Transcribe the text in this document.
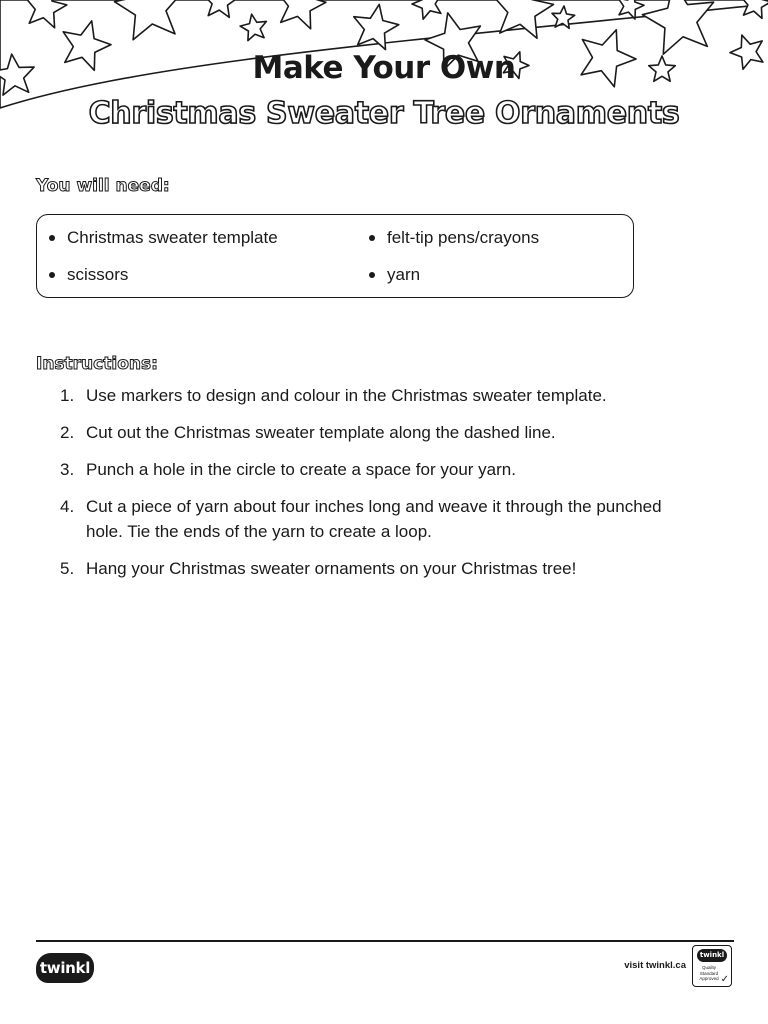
Make Your Own
Christmas Sweater Tree Ornaments
You will need:
Christmas sweater template	felt-tip pens/crayons
scissors	yarn
Instructions:
1. Use markers to design and colour in the Christmas sweater template.
2. Cut out the Christmas sweater template along the dashed line.
3. Punch a hole in the circle to create a space for your yarn.
4. Cut a piece of yarn about four inches long and weave it through the punched hole. Tie the ends of the yarn to create a loop.
5. Hang your Christmas sweater ornaments on your Christmas tree!
twinkl	visit twinkl.ca
twinkl
Quality Standard Approved ✓
